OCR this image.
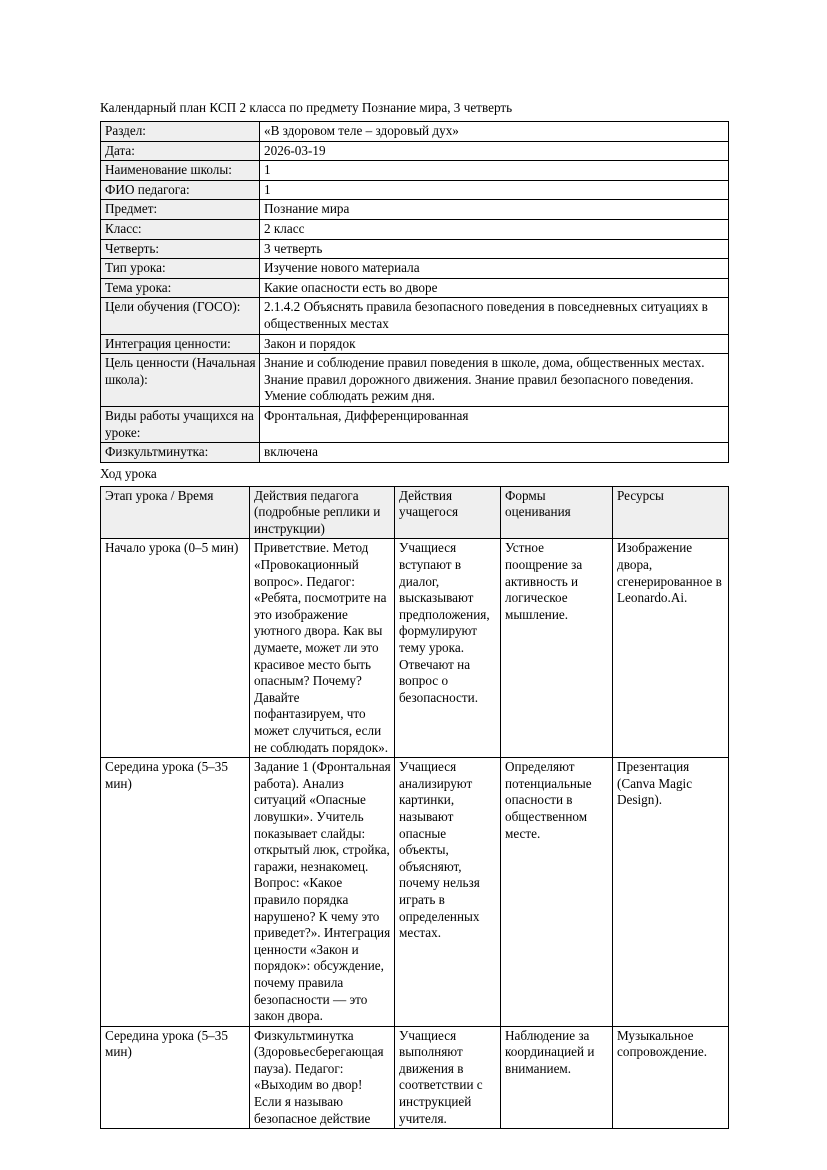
Календарный план КСП 2 класса по предмету Познание мира, 3 четверть

Раздел:	«В здоровом теле – здоровый дух»
Дата:	2026-03-19
Наименование школы:	1
ФИО педагога:	1
Предмет:	Познание мира
Класс:	2 класс
Четверть:	3 четверть
Тип урока:	Изучение нового материала
Тема урока:	Какие опасности есть во дворе
Цели обучения (ГОСО):	2.1.4.2 Объяснять правила безопасного поведения в повседневных ситуациях в общественных местах
Интеграция ценности:	Закон и порядок
Цель ценности (Начальная школа):	Знание и соблюдение правил поведения в школе, дома, общественных местах. Знание правил дорожного движения. Знание правил безопасного поведения. Умение соблюдать режим дня.
Виды работы учащихся на уроке:	Фронтальная, Дифференцированная
Физкультминутка:	включена

Ход урока

Этап урока / Время	Действия педагога (подробные реплики и инструкции)	Действия учащегося	Формы оценивания	Ресурсы
Начало урока (0–5 мин)	Приветствие. Метод «Провокационный вопрос». Педагог: «Ребята, посмотрите на это изображение уютного двора. Как вы думаете, может ли это красивое место быть опасным? Почему? Давайте пофантазируем, что может случиться, если не соблюдать порядок».	Учащиеся вступают в диалог, высказывают предположения, формулируют тему урока. Отвечают на вопрос о безопасности.	Устное поощрение за активность и логическое мышление.	Изображение двора, сгенерированное в Leonardo.Ai.
Середина урока (5–35 мин)	Задание 1 (Фронтальная работа). Анализ ситуаций «Опасные ловушки». Учитель показывает слайды: открытый люк, стройка, гаражи, незнакомец. Вопрос: «Какое правило порядка нарушено? К чему это приведет?». Интеграция ценности «Закон и порядок»: обсуждение, почему правила безопасности — это закон двора.	Учащиеся анализируют картинки, называют опасные объекты, объясняют, почему нельзя играть в определенных местах.	Определяют потенциальные опасности в общественном месте.	Презентация (Canva Magic Design).
Середина урока (5–35 мин)	Физкультминутка (Здоровьесберегающая пауза). Педагог: «Выходим во двор! Если я называю безопасное действие	Учащиеся выполняют движения в соответствии с инструкцией учителя.	Наблюдение за координацией и вниманием.	Музыкальное сопровождение.
